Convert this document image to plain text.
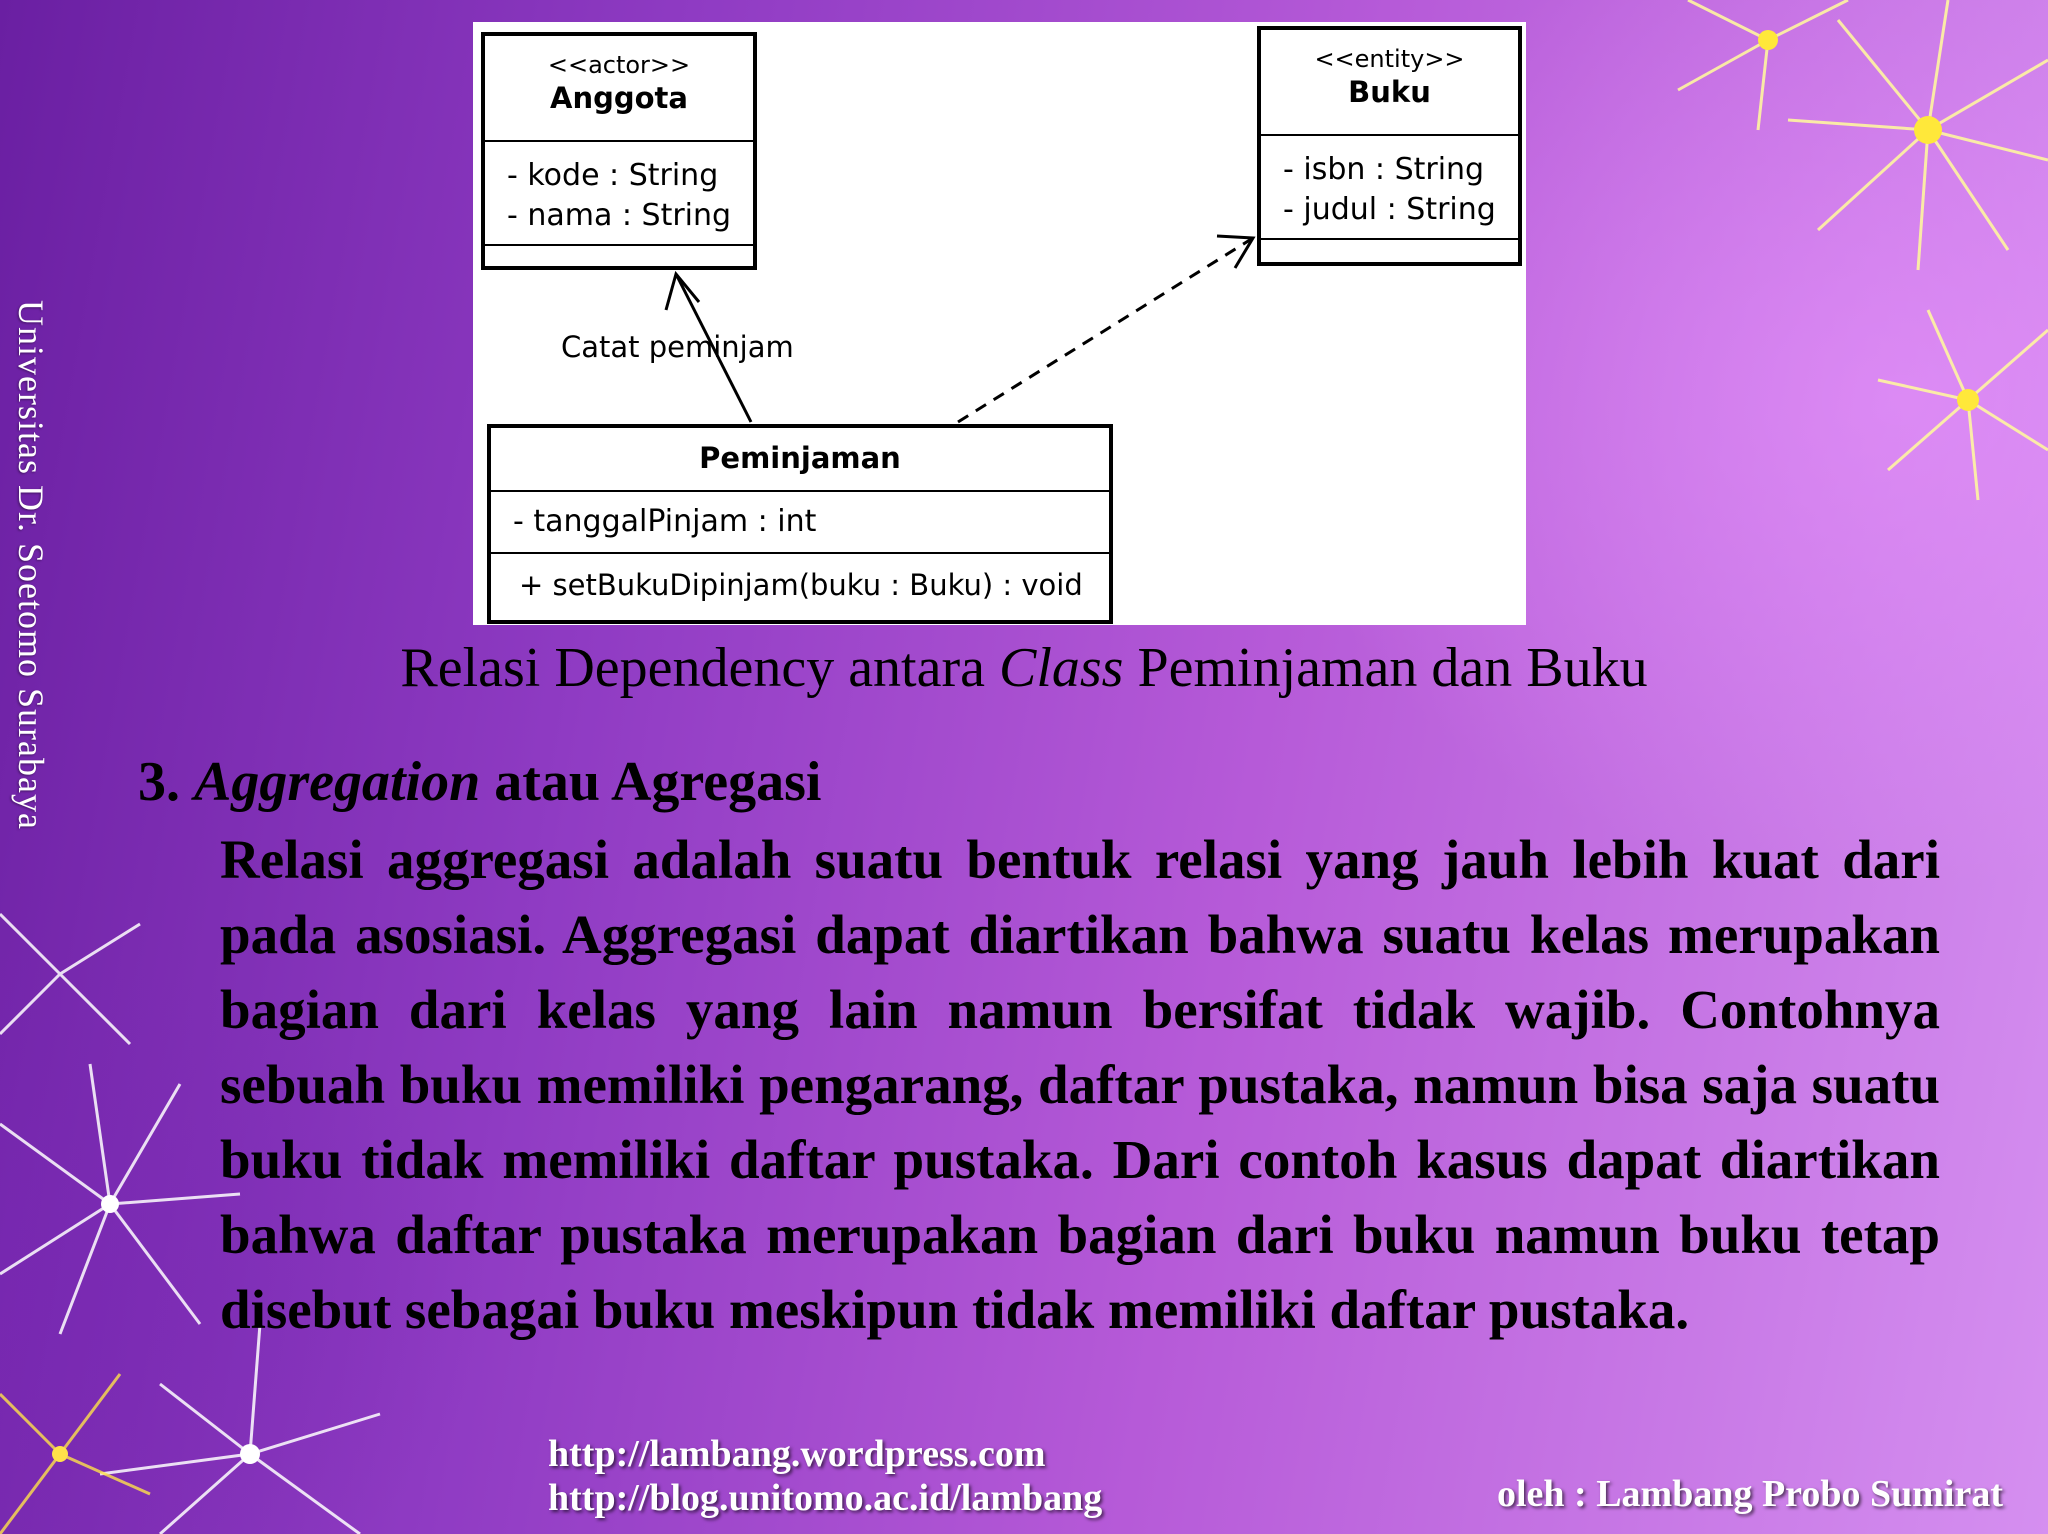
Universitas Dr. Soetomo Surabaya
<<actor>>
Anggota
- kode : String
- nama : String
<<entity>>
Buku
- isbn : String
- judul : String
Catat peminjam
Peminjaman
- tanggalPinjam : int
+ setBukuDipinjam(buku : Buku) : void
Relasi Dependency antara Class Peminjaman dan Buku
3. Aggregation atau Agregasi
Relasi aggregasi adalah suatu bentuk relasi yang jauh lebih kuat dari pada asosiasi. Aggregasi dapat diartikan bahwa suatu kelas merupakan bagian dari kelas yang lain namun bersifat tidak wajib. Contohnya sebuah buku memiliki pengarang, daftar pustaka, namun bisa saja suatu buku tidak memiliki daftar pustaka. Dari contoh kasus dapat diartikan bahwa daftar pustaka merupakan bagian dari buku namun buku tetap disebut sebagai buku meskipun tidak memiliki daftar pustaka.
http://lambang.wordpress.com
http://blog.unitomo.ac.id/lambang	oleh : Lambang Probo Sumirat
